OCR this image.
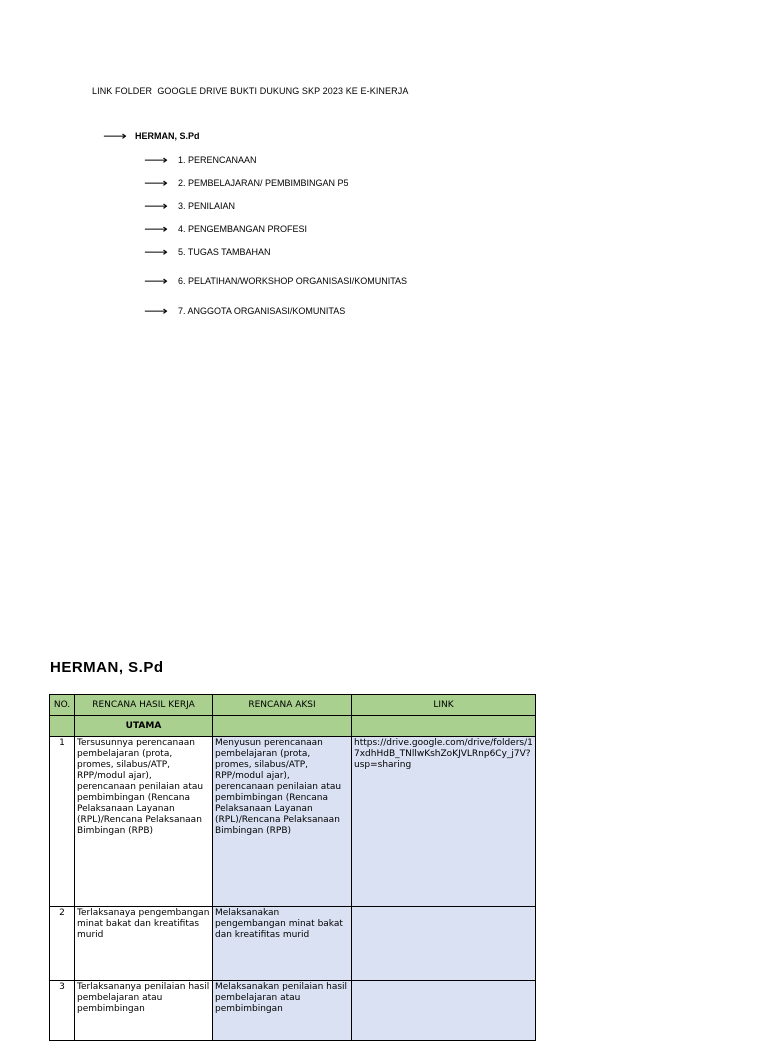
LINK FOLDER  GOOGLE DRIVE BUKTI DUKUNG SKP 2023 KE E-KINERJA
⟶ HERMAN, S.Pd
⟶	1. PERENCANAAN
⟶	2. PEMBELAJARAN/ PEMBIMBINGAN P5
⟶	3. PENILAIAN
⟶	4. PENGEMBANGAN PROFESI
⟶	5. TUGAS TAMBAHAN
⟶	6. PELATIHAN/WORKSHOP ORGANISASI/KOMUNITAS
⟶	7. ANGGOTA ORGANISASI/KOMUNITAS
HERMAN, S.Pd
NO.	RENCANA HASIL KERJA	RENCANA AKSI	LINK
	UTAMA		
1	Tersusunnya perencanaan pembelajaran (prota, promes, silabus/ATP, RPP/modul ajar), perencanaan penilaian atau pembimbingan (Rencana Pelaksanaan Layanan (RPL)/Rencana Pelaksanaan Bimbingan (RPB)	Menyusun perencanaan pembelajaran (prota, promes, silabus/ATP, RPP/modul ajar), perencanaan penilaian atau pembimbingan (Rencana Pelaksanaan Layanan (RPL)/Rencana Pelaksanaan Bimbingan (RPB)	https://drive.google.com/drive/folders/17xdhHdB_TNllwKshZoKJVLRnp6Cy_j7V?usp=sharing
2	Terlaksanaya pengembangan minat bakat dan kreatifitas murid	Melaksanakan pengembangan minat bakat dan kreatifitas murid	
3	Terlaksananya penilaian hasil pembelajaran atau pembimbingan	Melaksanakan penilaian hasil pembelajaran atau pembimbingan	
